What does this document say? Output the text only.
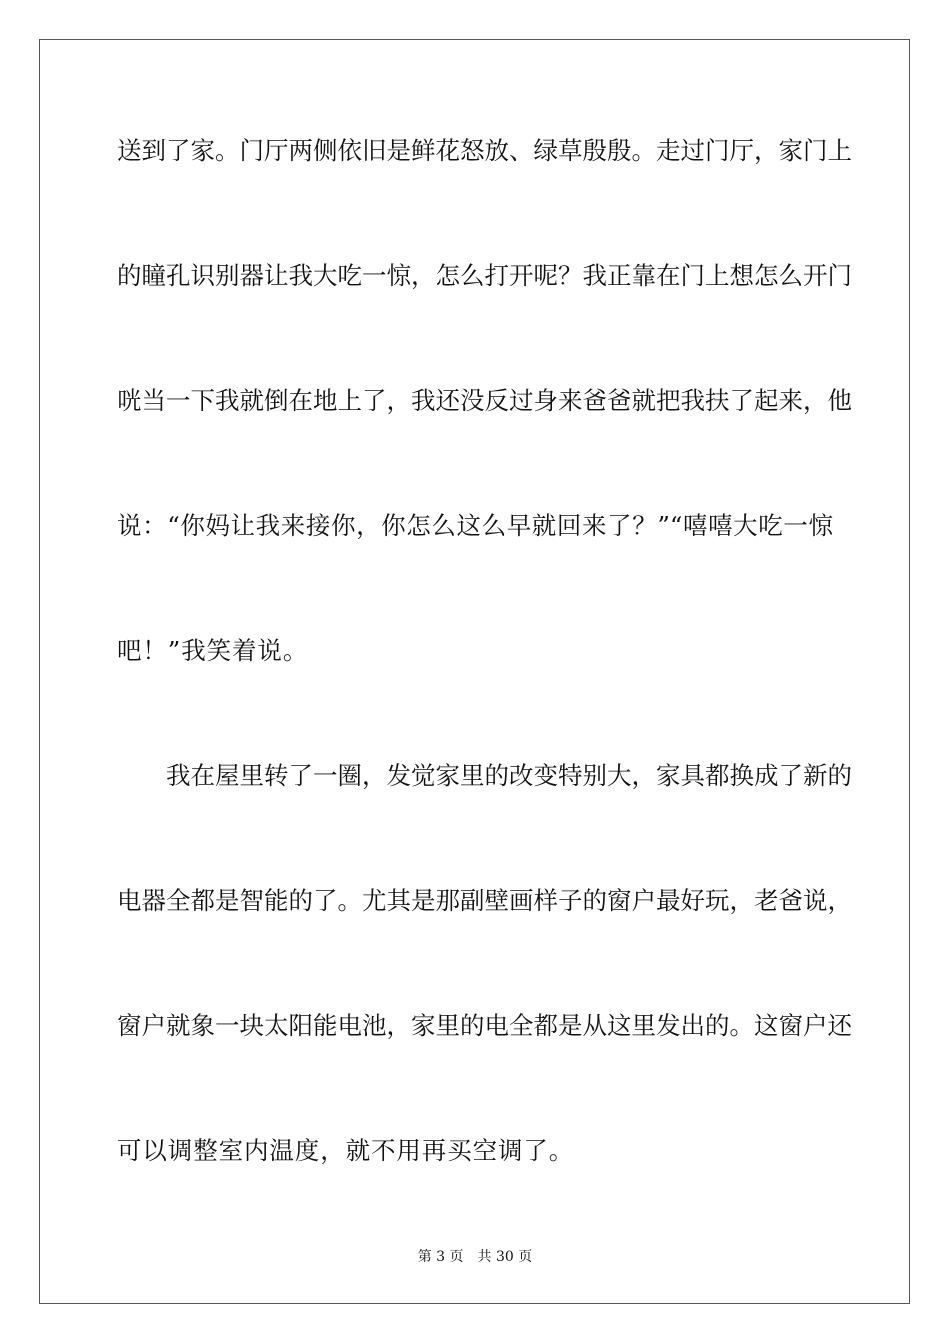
送到了家。门厅两侧依旧是鲜花怒放、绿草殷殷。走过门厅，家门上
的瞳孔识别器让我大吃一惊，怎么打开呢？我正靠在门上想怎么开门
咣当一下我就倒在地上了，我还没反过身来爸爸就把我扶了起来，他
说：“你妈让我来接你，你怎么这么早就回来了？”“嘻嘻大吃一惊
吧！”我笑着说。
　　我在屋里转了一圈，发觉家里的改变特别大，家具都换成了新的
电器全都是智能的了。尤其是那副壁画样子的窗户最好玩，老爸说，
窗户就象一块太阳能电池，家里的电全都是从这里发出的。这窗户还
可以调整室内温度，就不用再买空调了。
第 3 页 共 30 页
